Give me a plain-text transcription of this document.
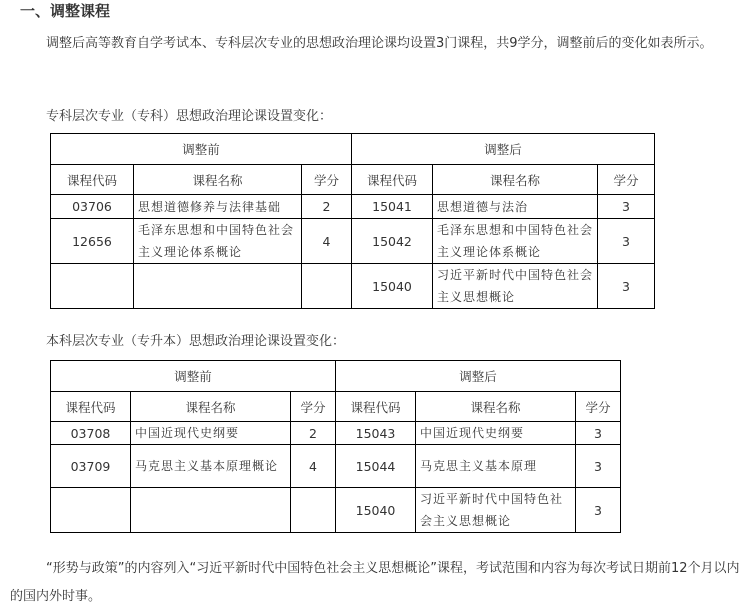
一、调整课程

调整后高等教育自学考试本、专科层次专业的思想政治理论课均设置3门课程，共9学分，调整前后的变化如表所示。

专科层次专业（专科）思想政治理论课设置变化：

调整前			调整后		
课程代码	课程名称	学分	课程代码	课程名称	学分
03706	思想道德修养与法律基础	2	15041	思想道德与法治	3
12656	毛泽东思想和中国特色社会主义理论体系概论	4	15042	毛泽东思想和中国特色社会主义理论体系概论	3
			15040	习近平新时代中国特色社会主义思想概论	3

本科层次专业（专升本）思想政治理论课设置变化：

调整前			调整后		
课程代码	课程名称	学分	课程代码	课程名称	学分
03708	中国近现代史纲要	2	15043	中国近现代史纲要	3
03709	马克思主义基本原理概论	4	15044	马克思主义基本原理	3
			15040	习近平新时代中国特色社会主义思想概论	3

“形势与政策”的内容列入“习近平新时代中国特色社会主义思想概论”课程，考试范围和内容为每次考试日期前12个月以内的国内外时事。
